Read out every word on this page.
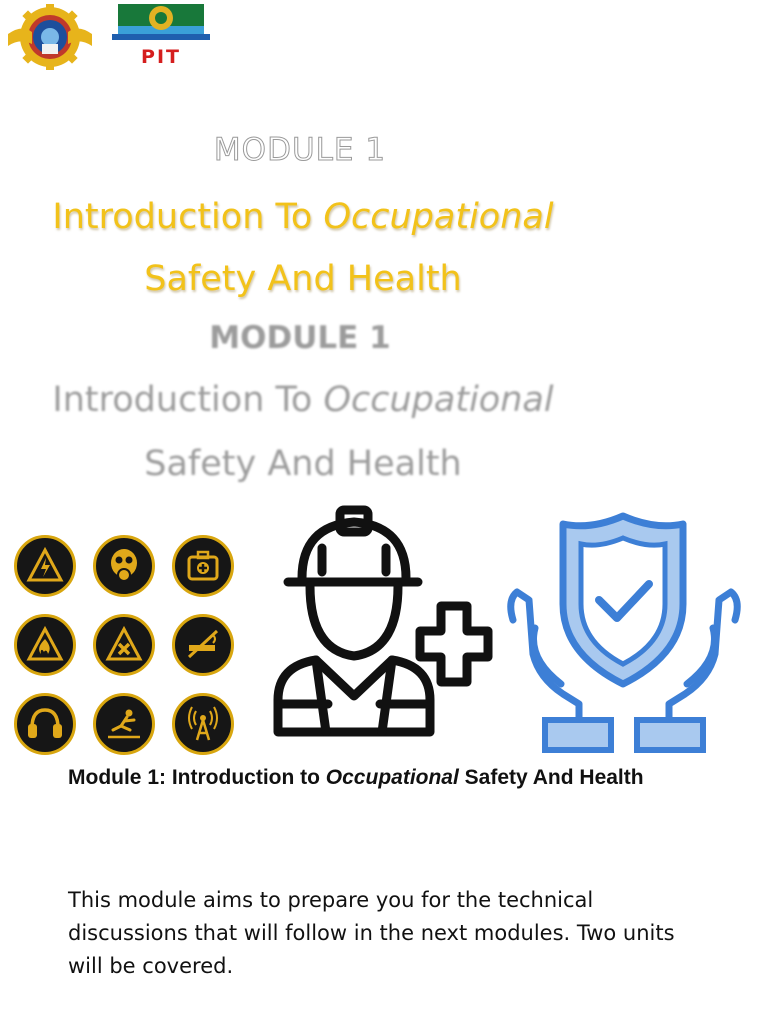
PIT
MODULE 1
Introduction To Occupational
Safety And Health
MODULE 1
Introduction To Occupational
Safety And Health
Module 1: Introduction to Occupational Safety And Health
This module aims to prepare you for the technical discussions that will follow in the next modules. Two units will be covered.
